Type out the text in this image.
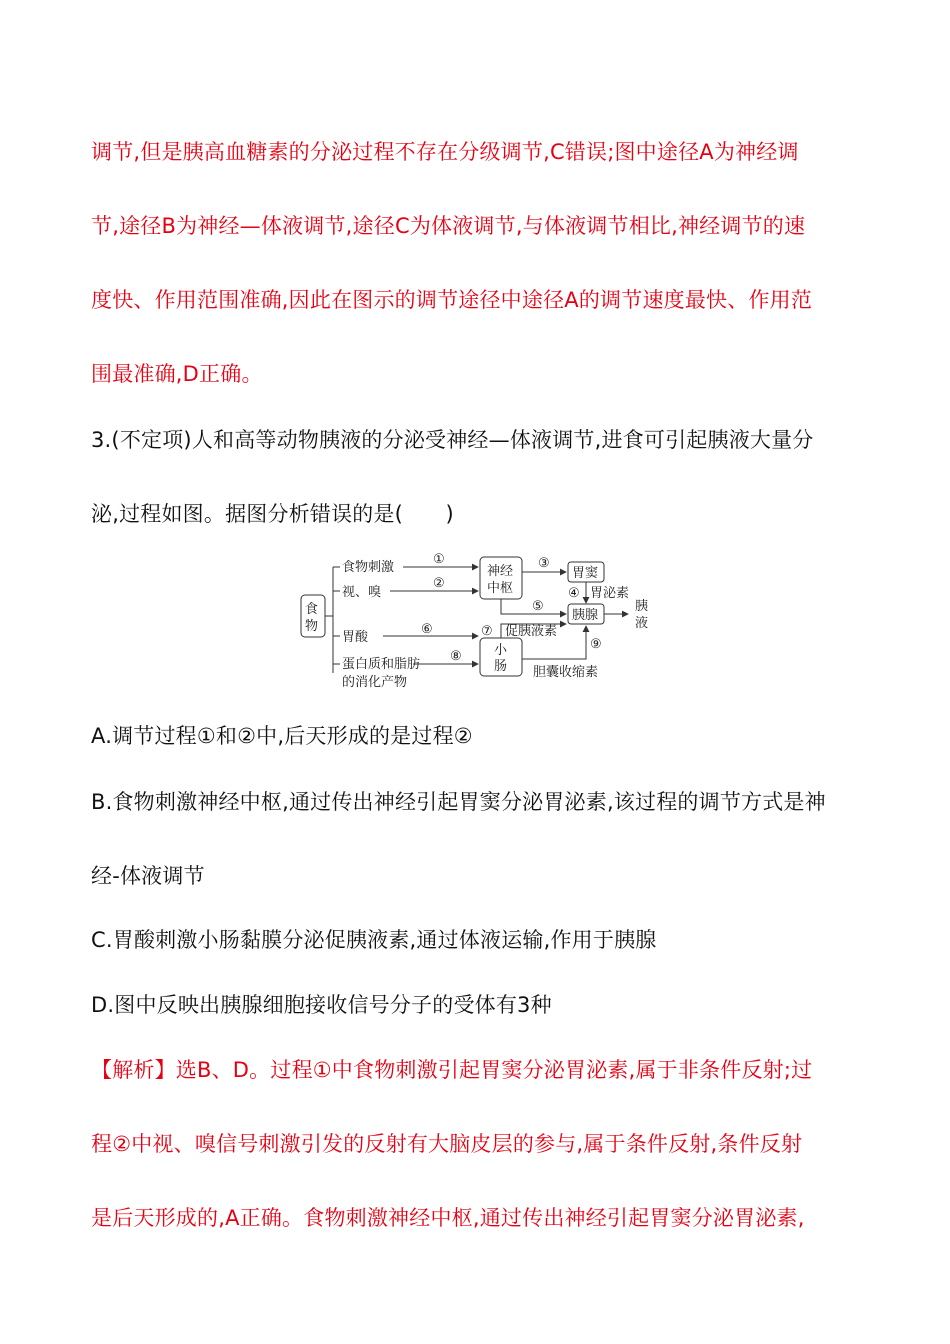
调节,但是胰高血糖素的分泌过程不存在分级调节,C错误;图中途径A为神经调
节,途径B为神经—体液调节,途径C为体液调节,与体液调节相比,神经调节的速
度快、作用范围准确,因此在图示的调节途径中途径A的调节速度最快、作用范
围最准确,D正确。
3.(不定项)人和高等动物胰液的分泌受神经—体液调节,进食可引起胰液大量分
泌,过程如图。据图分析错误的是(　　)
食
物
食物刺激
视、嗅
胃酸
蛋白质和脂肪
的消化产物
①
②
神经
中枢
③
胃窦
④ 胃泌素
⑤
胰腺
胰
液
⑥
⑧ 小
肠
⑦ 促胰液素
⑨
胆囊收缩素
A.调节过程①和②中,后天形成的是过程②
B.食物刺激神经中枢,通过传出神经引起胃窦分泌胃泌素,该过程的调节方式是神
经-体液调节
C.胃酸刺激小肠黏膜分泌促胰液素,通过体液运输,作用于胰腺
D.图中反映出胰腺细胞接收信号分子的受体有3种
【解析】选B、D。过程①中食物刺激引起胃窦分泌胃泌素,属于非条件反射;过
程②中视、嗅信号刺激引发的反射有大脑皮层的参与,属于条件反射,条件反射
是后天形成的,A正确。食物刺激神经中枢,通过传出神经引起胃窦分泌胃泌素,
